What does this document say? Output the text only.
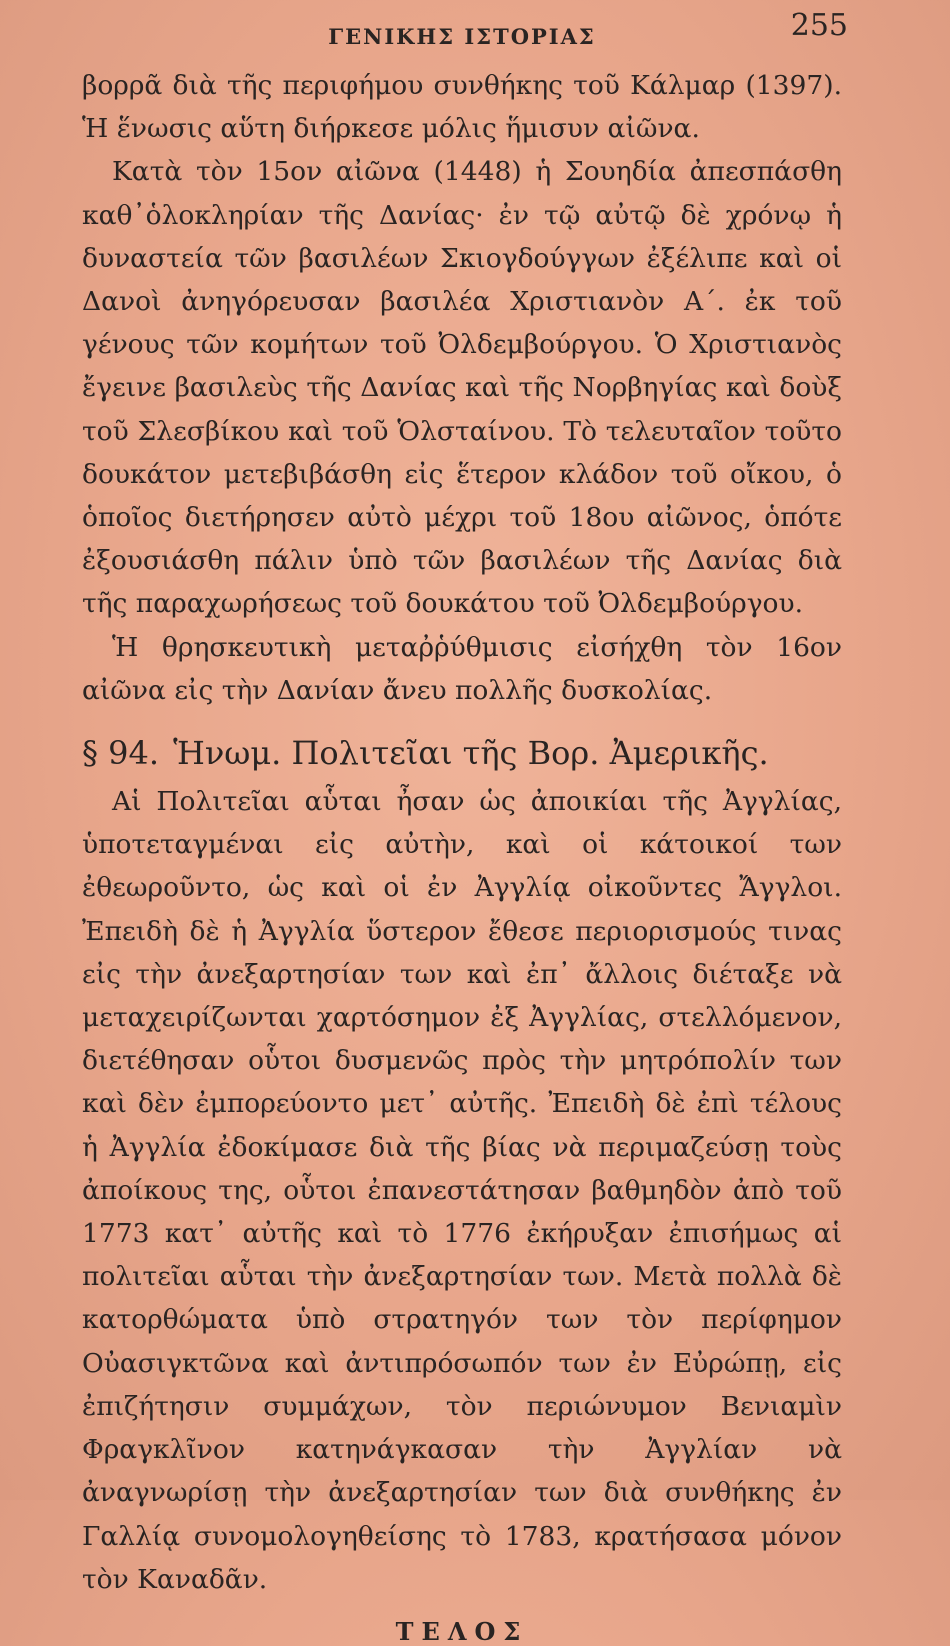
ΓΕΝΙΚΗΣ ΙΣΤΟΡΙΑΣ	255

βορρᾶ διὰ τῆς περιφήμου συνθήκης τοῦ Κάλμαρ (1397). Ἡ ἕνωσις αὕτη διήρκεσε μόλις ἥμισυν αἰῶνα.

Κατὰ τὸν 15ον αἰῶνα (1448) ἡ Σουηδία ἀπεσπάσθη καθ᾽ὁλοκληρίαν τῆς Δανίας· ἐν τῷ αὐτῷ δὲ χρόνῳ ἡ δυναστεία τῶν βασιλέων Σκιογδούγγων ἐξέλιπε καὶ οἱ Δανοὶ ἀνηγόρευσαν βασιλέα Χριστιανὸν Α΄. ἐκ τοῦ γένους τῶν κομήτων τοῦ Ὀλδεμβούργου. Ὁ Χριστιανὸς ἔγεινε βασιλεὺς τῆς Δανίας καὶ τῆς Νορβηγίας καὶ δοὺξ τοῦ Σλεσβίκου καὶ τοῦ Ὁλσταίνου. Τὸ τελευταῖον τοῦτο δουκάτον μετεβιβάσθη εἰς ἕτερον κλάδον τοῦ οἴκου, ὁ ὁποῖος διετήρησεν αὐτὸ μέχρι τοῦ 18ου αἰῶνος, ὁπότε ἐξουσιάσθη πάλιν ὑπὸ τῶν βασιλέων τῆς Δανίας διὰ τῆς παραχωρήσεως τοῦ δουκάτου τοῦ Ὀλδεμβούργου.

Ἡ θρησκευτικὴ μεταῤῥύθμισις εἰσήχθη τὸν 16ον αἰῶνα εἰς τὴν Δανίαν ἄνευ πολλῆς δυσκολίας.

§ 94. Ἡνωμ. Πολιτεῖαι τῆς Βορ. Ἀμερικῆς.

Αἱ Πολιτεῖαι αὗται ἦσαν ὡς ἀποικίαι τῆς Ἀγγλίας, ὑποτεταγμέναι εἰς αὐτὴν, καὶ οἱ κάτοικοί των ἐθεωροῦντο, ὡς καὶ οἱ ἐν Ἀγγλίᾳ οἰκοῦντες Ἄγγλοι. Ἐπειδὴ δὲ ἡ Ἀγγλία ὕστερον ἔθεσε περιορισμούς τινας εἰς τὴν ἀνεξαρτησίαν των καὶ ἐπ᾽ ἄλλοις διέταξε νὰ μεταχειρίζωνται χαρτόσημον ἐξ Ἀγγλίας, στελλόμενον, διετέθησαν οὗτοι δυσμενῶς πρὸς τὴν μητρόπολίν των καὶ δὲν ἐμπορεύοντο μετ᾽ αὐτῆς. Ἐπειδὴ δὲ ἐπὶ τέλους ἡ Ἀγγλία ἐδοκίμασε διὰ τῆς βίας νὰ περιμαζεύσῃ τοὺς ἀποίκους της, οὗτοι ἐπανεστάτησαν βαθμηδὸν ἀπὸ τοῦ 1773 κατ᾽ αὐτῆς καὶ τὸ 1776 ἐκήρυξαν ἐπισήμως αἱ πολιτεῖαι αὗται τὴν ἀνεξαρτησίαν των. Μετὰ πολλὰ δὲ κατορθώματα ὑπὸ στρατηγόν των τὸν περίφημον Οὐασιγκτῶνα καὶ ἀντιπρόσωπόν των ἐν Εὐρώπῃ, εἰς ἐπιζήτησιν συμμάχων, τὸν περιώνυμον Βενιαμὶν Φραγκλῖνον κατηνάγκασαν τὴν Ἀγγλίαν νὰ ἀναγνωρίσῃ τὴν ἀνεξαρτησίαν των διὰ συνθήκης ἐν Γαλλίᾳ συνομολογηθείσης τὸ 1783, κρατήσασα μόνον τὸν Καναδᾶν.

ΤΕΛΟΣ
